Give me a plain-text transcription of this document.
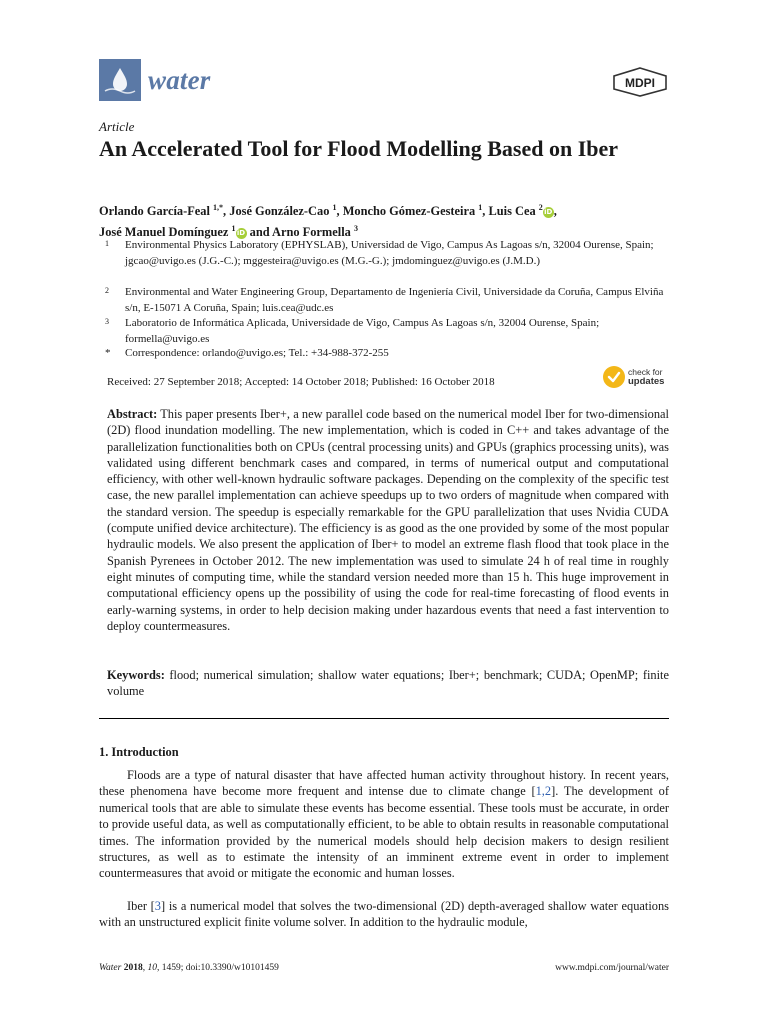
water	MDPI
Article
An Accelerated Tool for Flood Modelling Based on Iber
Orlando García-Feal $^{1,*}$, José González-Cao $^1$, Moncho Gómez-Gesteira $^1$, Luis Cea $^2$iD,
José Manuel Domínguez $^1$iD and Arno Formella $^3$
1 Environmental Physics Laboratory (EPHYSLAB), Universidad de Vigo, Campus As Lagoas s/n, 32004 Ourense, Spain; jgcao@uvigo.es (J.G.-C.); mggesteira@uvigo.es (M.G.-G.); jmdominguez@uvigo.es (J.M.D.)
2 Environmental and Water Engineering Group, Departamento de Ingeniería Civil, Universidade da Coruña, Campus Elviña s/n, E-15071 A Coruña, Spain; luis.cea@udc.es
3 Laboratorio de Informática Aplicada, Universidade de Vigo, Campus As Lagoas s/n, 32004 Ourense, Spain; formella@uvigo.es
* Correspondence: orlando@uvigo.es; Tel.: +34-988-372-255
Received: 27 September 2018; Accepted: 14 October 2018; Published: 16 October 2018
check for
updates

Abstract: This paper presents Iber+, a new parallel code based on the numerical model Iber for two-dimensional (2D) flood inundation modelling. The new implementation, which is coded in C++ and takes advantage of the parallelization functionalities both on CPUs (central processing units) and GPUs (graphics processing units), was validated using different benchmark cases and compared, in terms of numerical output and computational efficiency, with other well-known hydraulic software packages. Depending on the complexity of the specific test case, the new parallel implementation can achieve speedups up to two orders of magnitude when compared with the standard version. The speedup is especially remarkable for the GPU parallelization that uses Nvidia CUDA (compute unified device architecture). The efficiency is as good as the one provided by some of the most popular hydraulic models. We also present the application of Iber+ to model an extreme flash flood that took place in the Spanish Pyrenees in October 2012. The new implementation was used to simulate 24 h of real time in roughly eight minutes of computing time, while the standard version needed more than 15 h. This huge improvement in computational efficiency opens up the possibility of using the code for real-time forecasting of flood events in early-warning systems, in order to help decision making under hazardous events that need a fast intervention to deploy countermeasures.

Keywords: flood; numerical simulation; shallow water equations; Iber+; benchmark; CUDA; OpenMP; finite volume

1. Introduction

Floods are a type of natural disaster that have affected human activity throughout history. In recent years, these phenomena have become more frequent and intense due to climate change [1,2]. The development of numerical tools that are able to simulate these events has become essential. These tools must be accurate, in order to provide useful data, as well as computationally efficient, to be able to obtain results in reasonable computational times. The information provided by the numerical models should help decision makers to design resilient structures, as well as to estimate the intensity of an imminent extreme event in order to implement countermeasures that avoid or mitigate the economic and human losses.

Iber [3] is a numerical model that solves the two-dimensional (2D) depth-averaged shallow water equations with an unstructured explicit finite volume solver. In addition to the hydraulic module,

Water 2018, 10, 1459; doi:10.3390/w10101459	www.mdpi.com/journal/water
